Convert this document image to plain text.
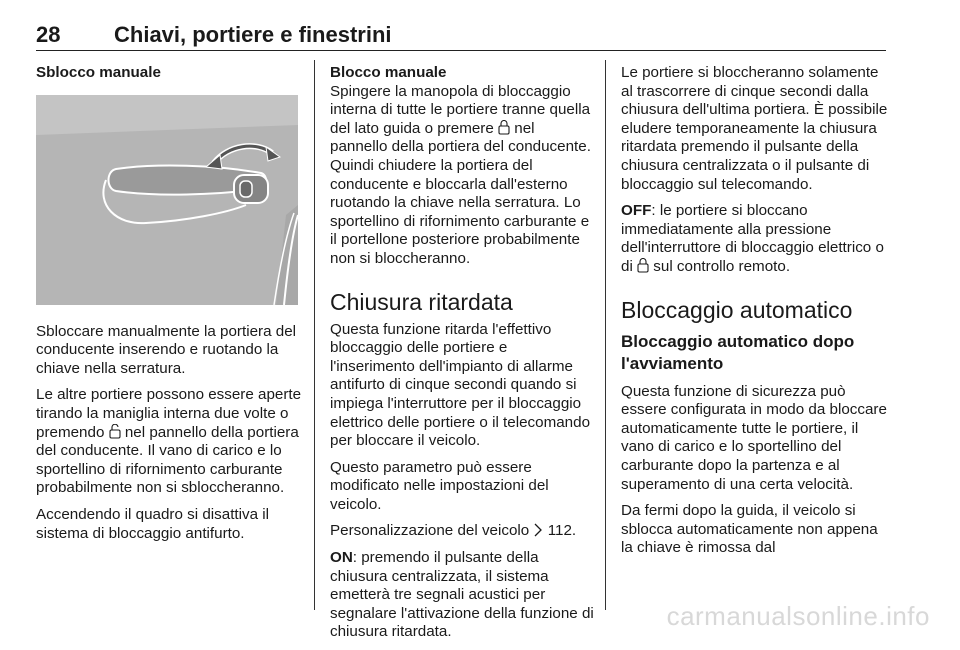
28 Chiavi, portiere e finestrini

Sblocco manuale

Sbloccare manualmente la portiera del conducente inserendo e ruotando la chiave nella serratura.

Le altre portiere possono essere aperte tirando la maniglia interna due volte o premendo nel pannello della portiera del conducente. Il vano di carico e lo sportellino di rifornimento carburante probabilmente non si sbloccheranno.

Accendendo il quadro si disattiva il sistema di bloccaggio antifurto.

Blocco manuale

Spingere la manopola di bloccaggio interna di tutte le portiere tranne quella del lato guida o premere nel pannello della portiera del conducente. Quindi chiudere la portiera del conducente e bloccarla dall'esterno ruotando la chiave nella serratura. Lo sportellino di rifornimento carburante e il portellone posteriore probabilmente non si bloccheranno.

Chiusura ritardata

Questa funzione ritarda l'effettivo bloccaggio delle portiere e l'inserimento dell'impianto di allarme antifurto di cinque secondi quando si impiega l'interruttore per il bloccaggio elettrico delle portiere o il telecomando per bloccare il veicolo.

Questo parametro può essere modificato nelle impostazioni del veicolo.

Personalizzazione del veicolo 112.

ON: premendo il pulsante della chiusura centralizzata, il sistema emetterà tre segnali acustici per segnalare l'attivazione della funzione di chiusura ritardata.

Le portiere si bloccheranno solamente al trascorrere di cinque secondi dalla chiusura dell'ultima portiera. È possibile eludere temporaneamente la chiusura ritardata premendo il pulsante della chiusura centralizzata o il pulsante di bloccaggio sul telecomando.

OFF: le portiere si bloccano immediatamente alla pressione dell'interruttore di bloccaggio elettrico o di sul controllo remoto.

Bloccaggio automatico
Bloccaggio automatico dopo l'avviamento

Questa funzione di sicurezza può essere configurata in modo da bloccare automaticamente tutte le portiere, il vano di carico e lo sportellino del carburante dopo la partenza e al superamento di una certa velocità.

Da fermi dopo la guida, il veicolo si sblocca automaticamente non appena la chiave è rimossa dal

carmanualsonline.info
